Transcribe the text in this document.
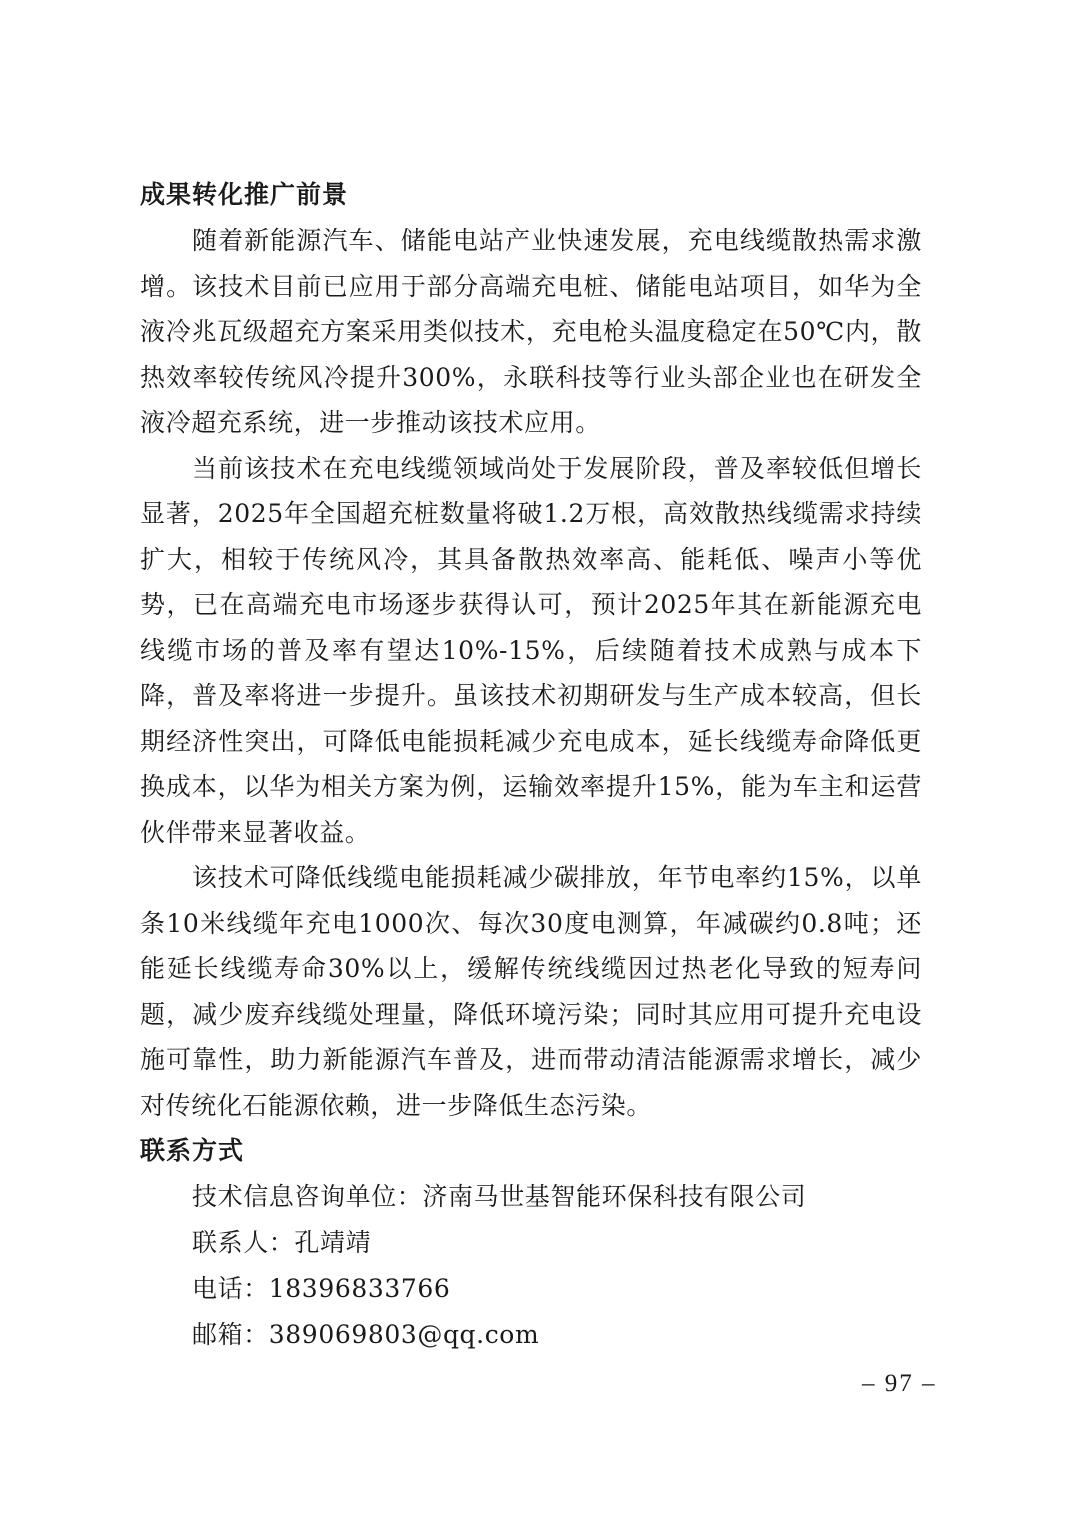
成果转化推广前景

随着新能源汽车、储能电站产业快速发展，充电线缆散热需求激增。该技术目前已应用于部分高端充电桩、储能电站项目，如华为全液冷兆瓦级超充方案采用类似技术，充电枪头温度稳定在50℃内，散热效率较传统风冷提升300%，永联科技等行业头部企业也在研发全液冷超充系统，进一步推动该技术应用。

当前该技术在充电线缆领域尚处于发展阶段，普及率较低但增长显著，2025年全国超充桩数量将破1.2万根，高效散热线缆需求持续扩大，相较于传统风冷，其具备散热效率高、能耗低、噪声小等优势，已在高端充电市场逐步获得认可，预计2025年其在新能源充电线缆市场的普及率有望达10%-15%，后续随着技术成熟与成本下降，普及率将进一步提升。虽该技术初期研发与生产成本较高，但长期经济性突出，可降低电能损耗减少充电成本，延长线缆寿命降低更换成本，以华为相关方案为例，运输效率提升15%，能为车主和运营伙伴带来显著收益。

该技术可降低线缆电能损耗减少碳排放，年节电率约15%，以单条10米线缆年充电1000次、每次30度电测算，年减碳约0.8吨；还能延长线缆寿命30%以上，缓解传统线缆因过热老化导致的短寿问题，减少废弃线缆处理量，降低环境污染；同时其应用可提升充电设施可靠性，助力新能源汽车普及，进而带动清洁能源需求增长，减少对传统化石能源依赖，进一步降低生态污染。

联系方式

技术信息咨询单位：济南马世基智能环保科技有限公司

联系人：孔靖靖

电话：18396833766

邮箱：389069803@qq.com

– 97 –
